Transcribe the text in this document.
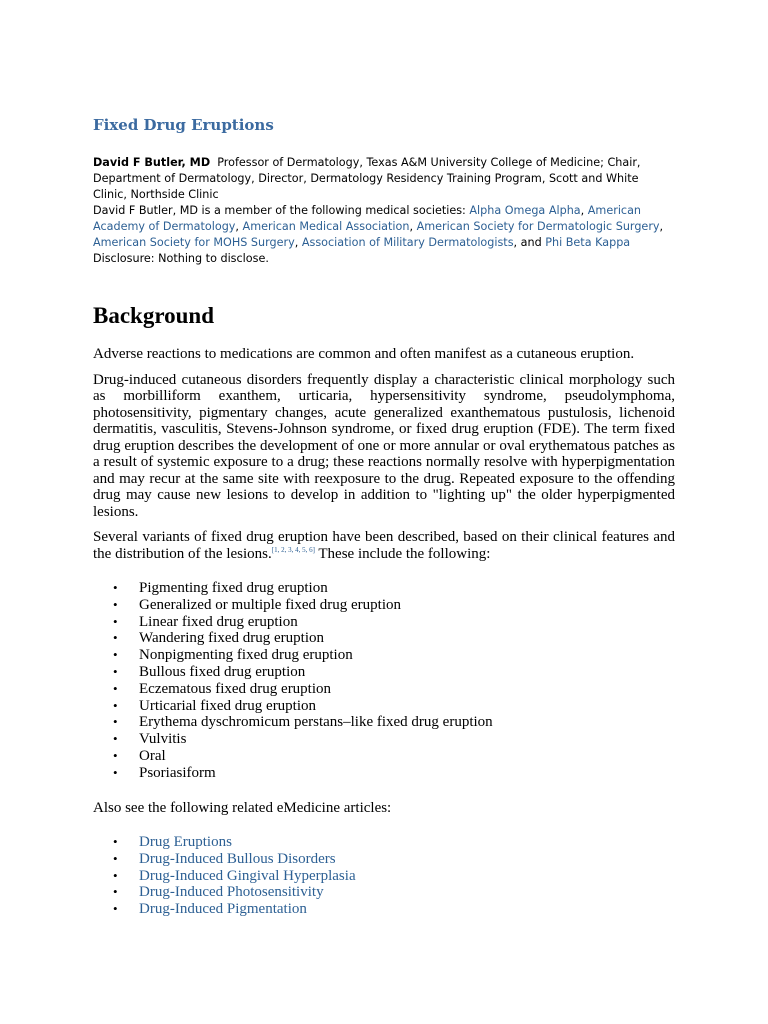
Fixed Drug Eruptions

David F Butler, MD Professor of Dermatology, Texas A&M University College of Medicine; Chair, Department of Dermatology, Director, Dermatology Residency Training Program, Scott and White Clinic, Northside Clinic

David F Butler, MD is a member of the following medical societies: Alpha Omega Alpha, American Academy of Dermatology, American Medical Association, American Society for Dermatologic Surgery, American Society for MOHS Surgery, Association of Military Dermatologists, and Phi Beta Kappa

Disclosure: Nothing to disclose.

Background

Adverse reactions to medications are common and often manifest as a cutaneous eruption.

Drug-induced cutaneous disorders frequently display a characteristic clinical morphology such as morbilliform exanthem, urticaria, hypersensitivity syndrome, pseudolymphoma, photosensitivity, pigmentary changes, acute generalized exanthematous pustulosis, lichenoid dermatitis, vasculitis, Stevens-Johnson syndrome, or fixed drug eruption (FDE). The term fixed drug eruption describes the development of one or more annular or oval erythematous patches as a result of systemic exposure to a drug; these reactions normally resolve with hyperpigmentation and may recur at the same site with reexposure to the drug. Repeated exposure to the offending drug may cause new lesions to develop in addition to "lighting up" the older hyperpigmented lesions.

Several variants of fixed drug eruption have been described, based on their clinical features and the distribution of the lesions.[1, 2, 3, 4, 5, 6] These include the following:

• Pigmenting fixed drug eruption
• Generalized or multiple fixed drug eruption
• Linear fixed drug eruption
• Wandering fixed drug eruption
• Nonpigmenting fixed drug eruption
• Bullous fixed drug eruption
• Eczematous fixed drug eruption
• Urticarial fixed drug eruption
• Erythema dyschromicum perstans–like fixed drug eruption
• Vulvitis
• Oral
• Psoriasiform

Also see the following related eMedicine articles:

• Drug Eruptions
• Drug-Induced Bullous Disorders
• Drug-Induced Gingival Hyperplasia
• Drug-Induced Photosensitivity
• Drug-Induced Pigmentation
